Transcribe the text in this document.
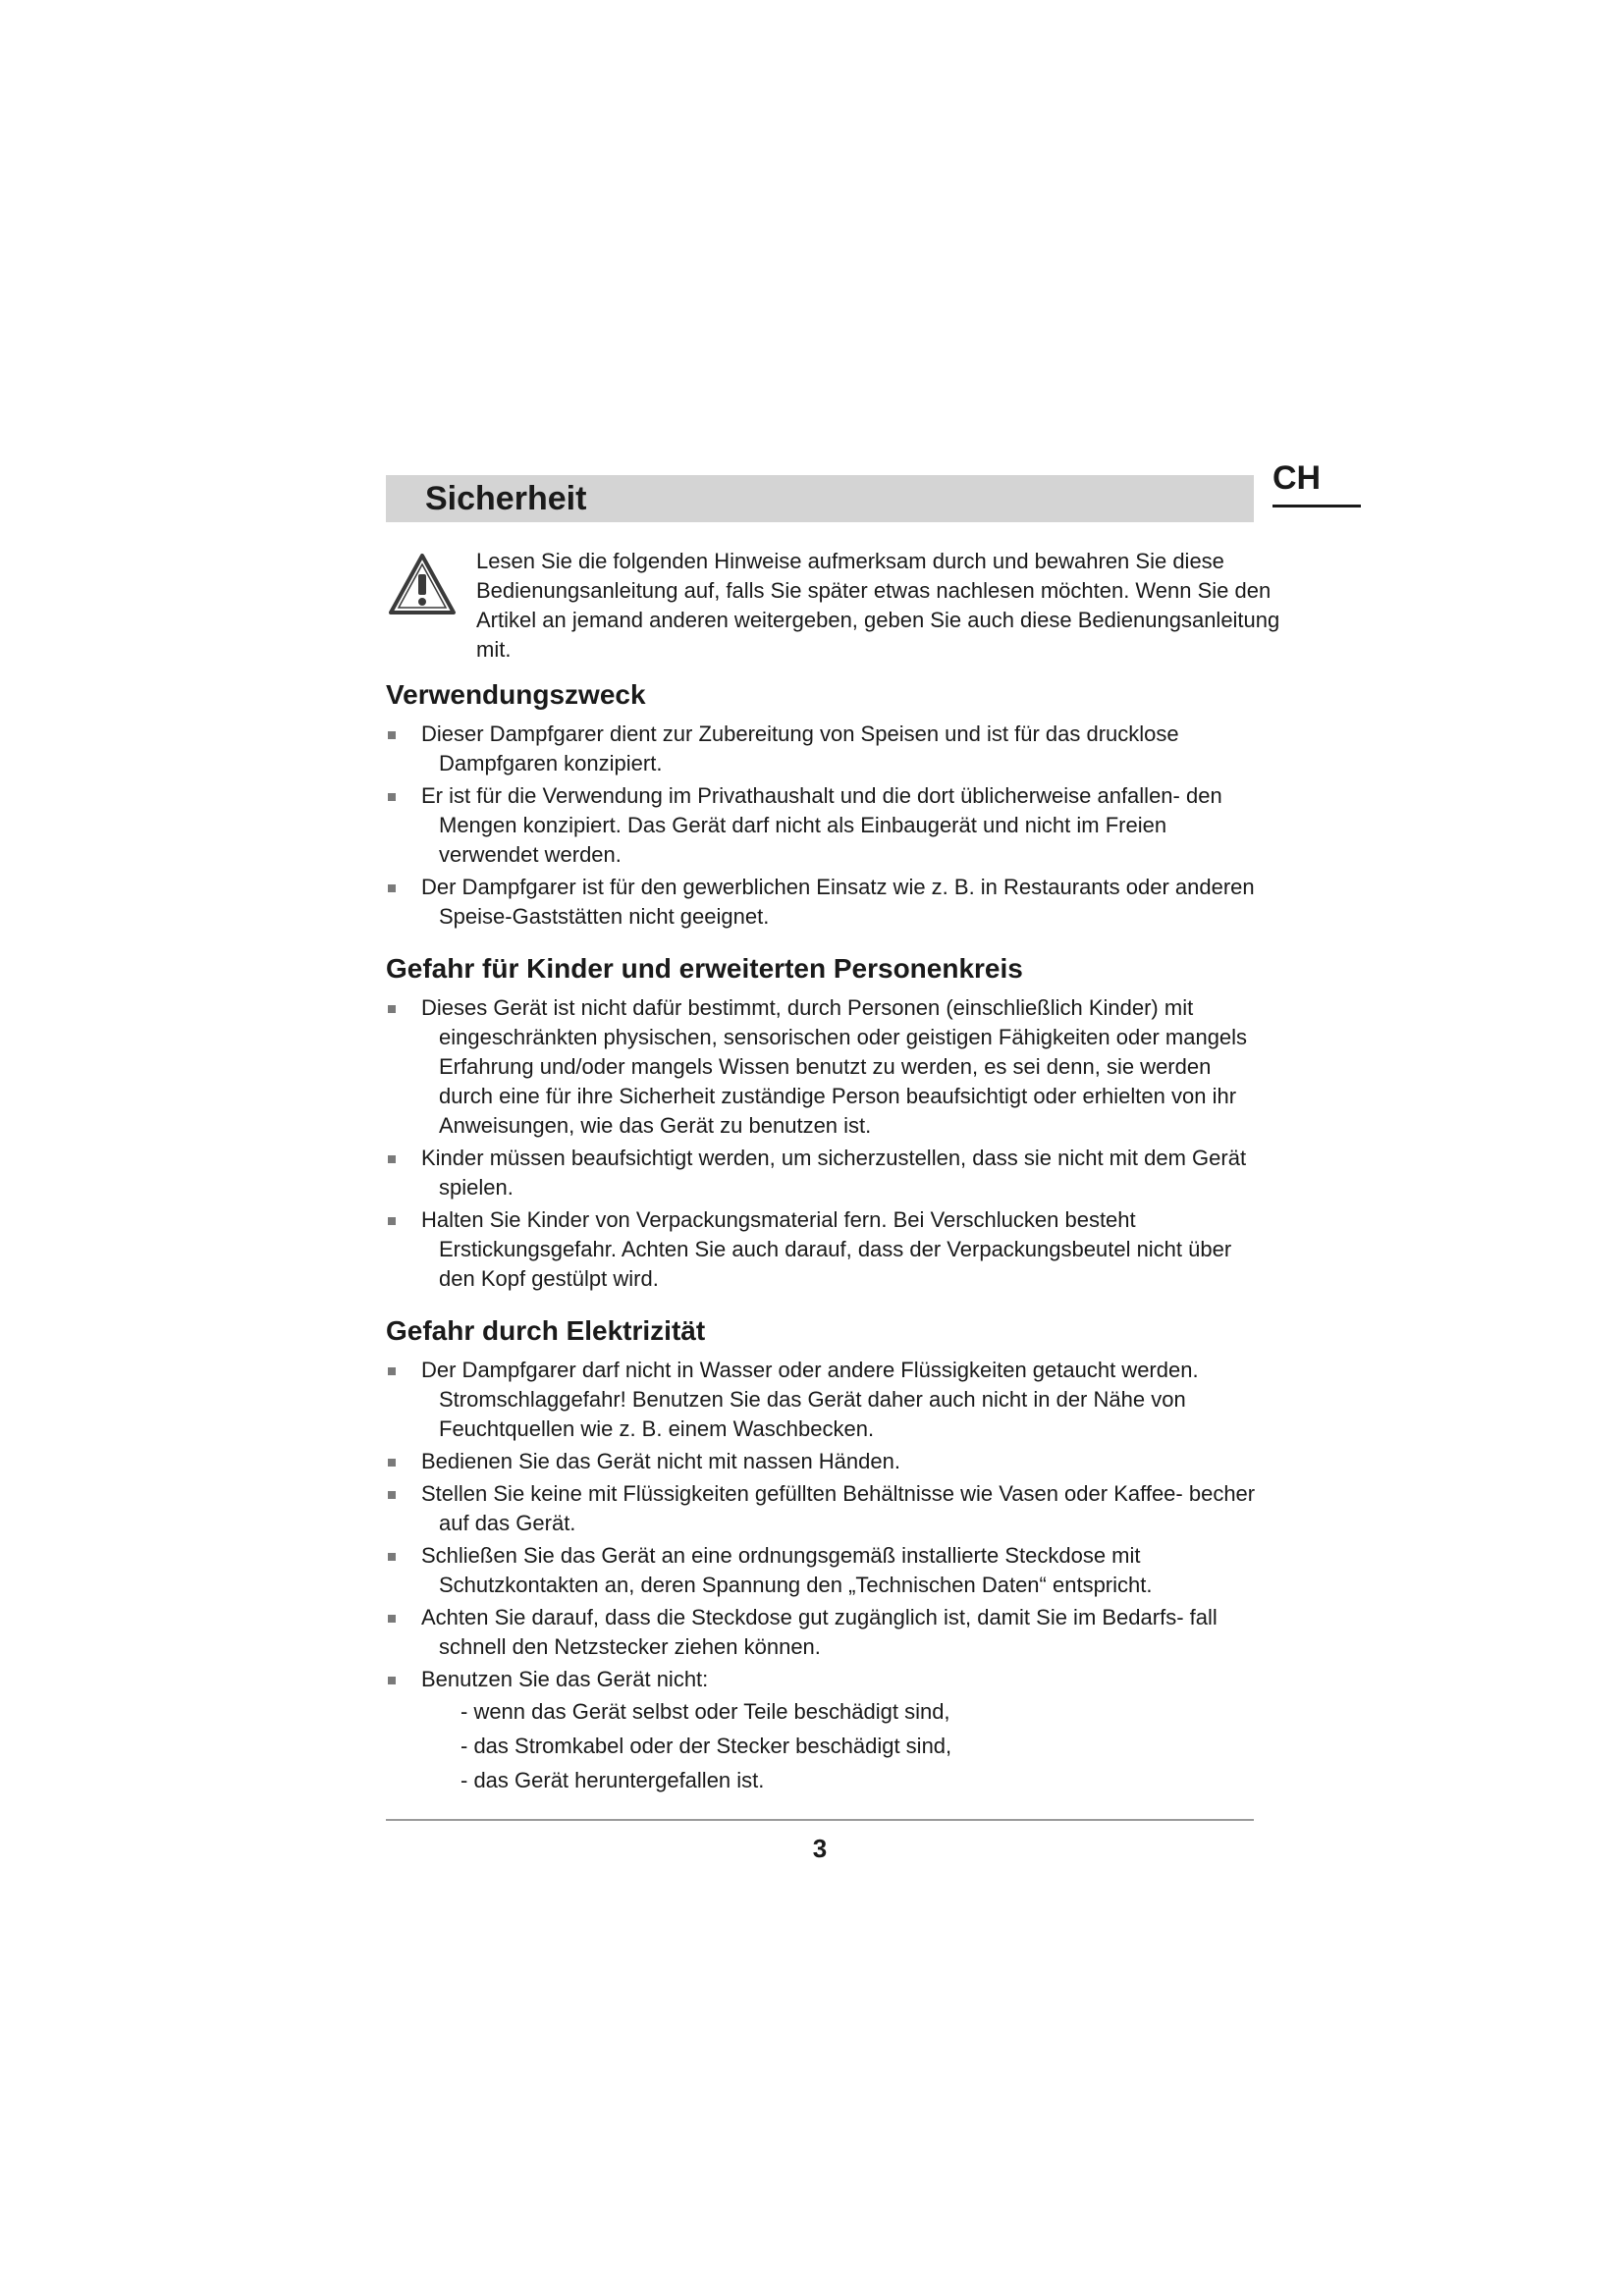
Sicherheit
CH

Lesen Sie die folgenden Hinweise aufmerksam durch und bewahren Sie diese Bedienungsanleitung auf, falls Sie später etwas nachlesen möchten. Wenn Sie den Artikel an jemand anderen weitergeben, geben Sie auch diese Bedienungsanleitung mit.

Verwendungszweck
Dieser Dampfgarer dient zur Zubereitung von Speisen und ist für das drucklose Dampfgaren konzipiert.
Er ist für die Verwendung im Privathaushalt und die dort üblicherweise anfallen- den Mengen konzipiert. Das Gerät darf nicht als Einbaugerät und nicht im Freien verwendet werden.
Der Dampfgarer ist für den gewerblichen Einsatz wie z. B. in Restaurants oder anderen Speise-Gaststätten nicht geeignet.
Gefahr für Kinder und erweiterten Personenkreis
Dieses Gerät ist nicht dafür bestimmt, durch Personen (einschließlich Kinder) mit eingeschränkten physischen, sensorischen oder geistigen Fähigkeiten oder mangels Erfahrung und/oder mangels Wissen benutzt zu werden, es sei denn, sie werden durch eine für ihre Sicherheit zuständige Person beaufsichtigt oder erhielten von ihr Anweisungen, wie das Gerät zu benutzen ist.
Kinder müssen beaufsichtigt werden, um sicherzustellen, dass sie nicht mit dem Gerät spielen.
Halten Sie Kinder von Verpackungsmaterial fern. Bei Verschlucken besteht Erstickungsgefahr. Achten Sie auch darauf, dass der Verpackungsbeutel nicht über den Kopf gestülpt wird.
Gefahr durch Elektrizität
Der Dampfgarer darf nicht in Wasser oder andere Flüssigkeiten getaucht werden. Stromschlaggefahr! Benutzen Sie das Gerät daher auch nicht in der Nähe von Feuchtquellen wie z. B. einem Waschbecken.
Bedienen Sie das Gerät nicht mit nassen Händen.
Stellen Sie keine mit Flüssigkeiten gefüllten Behältnisse wie Vasen oder Kaffee- becher auf das Gerät.
Schließen Sie das Gerät an eine ordnungsgemäß installierte Steckdose mit Schutzkontakten an, deren Spannung den „Technischen Daten“ entspricht.
Achten Sie darauf, dass die Steckdose gut zugänglich ist, damit Sie im Bedarfs- fall schnell den Netzstecker ziehen können.
Benutzen Sie das Gerät nicht:
- wenn das Gerät selbst oder Teile beschädigt sind,
- das Stromkabel oder der Stecker beschädigt sind,
- das Gerät heruntergefallen ist.
3
